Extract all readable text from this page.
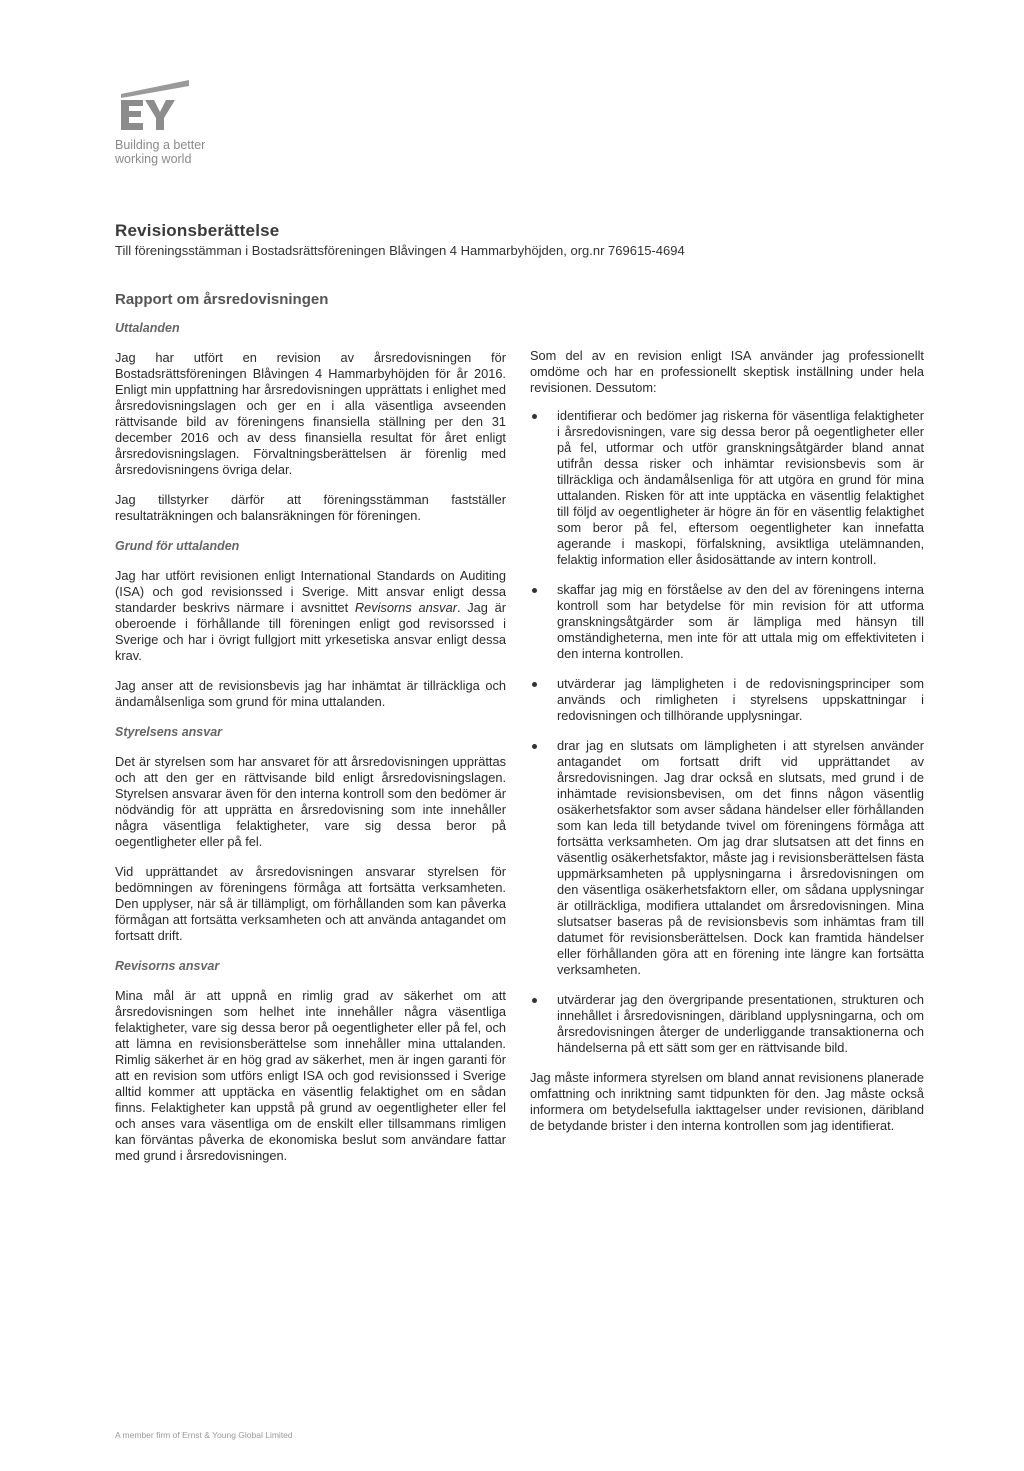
Building a better
working world
Revisionsberättelse

Till föreningsstämman i Bostadsrättsföreningen Blåvingen 4 Hammarbyhöjden, org.nr 769615-4694

Rapport om årsredovisningen
Uttalanden

Jag har utfört en revision av årsredovisningen för Bostadsrättsföreningen Blåvingen 4 Hammarbyhöjden för år 2016. Enligt min uppfattning har årsredovisningen upprättats i enlighet med årsredovisningslagen och ger en i alla väsentliga avseenden rättvisande bild av föreningens finansiella ställning per den 31 december 2016 och av dess finansiella resultat för året enligt årsredovisningslagen. Förvaltningsberättelsen är förenlig med årsredovisningens övriga delar.

Jag tillstyrker därför att föreningsstämman fastställer resultaträkningen och balansräkningen för föreningen.

Grund för uttalanden

Jag har utfört revisionen enligt International Standards on Auditing (ISA) och god revisionssed i Sverige. Mitt ansvar enligt dessa standarder beskrivs närmare i avsnittet Revisorns ansvar. Jag är oberoende i förhållande till föreningen enligt god revisorssed i Sverige och har i övrigt fullgjort mitt yrkesetiska ansvar enligt dessa krav.

Jag anser att de revisionsbevis jag har inhämtat är tillräckliga och ändamålsenliga som grund för mina uttalanden.

Styrelsens ansvar

Det är styrelsen som har ansvaret för att årsredovisningen upprättas och att den ger en rättvisande bild enligt årsredovisningslagen. Styrelsen ansvarar även för den interna kontroll som den bedömer är nödvändig för att upprätta en årsredovisning som inte innehåller några väsentliga felaktigheter, vare sig dessa beror på oegentligheter eller på fel.

Vid upprättandet av årsredovisningen ansvarar styrelsen för bedömningen av föreningens förmåga att fortsätta verksamheten. Den upplyser, när så är tillämpligt, om förhållanden som kan påverka förmågan att fortsätta verksamheten och att använda antagandet om fortsatt drift.

Revisorns ansvar

Mina mål är att uppnå en rimlig grad av säkerhet om att årsredovisningen som helhet inte innehåller några väsentliga felaktigheter, vare sig dessa beror på oegentligheter eller på fel, och att lämna en revisionsberättelse som innehåller mina uttalanden. Rimlig säkerhet är en hög grad av säkerhet, men är ingen garanti för att en revision som utförs enligt ISA och god revisionssed i Sverige alltid kommer att upptäcka en väsentlig felaktighet om en sådan finns. Felaktigheter kan uppstå på grund av oegentligheter eller fel och anses vara väsentliga om de enskilt eller tillsammans rimligen kan förväntas påverka de ekonomiska beslut som användare fattar med grund i årsredovisningen.

Som del av en revision enligt ISA använder jag professionellt omdöme och har en professionellt skeptisk inställning under hela revisionen. Dessutom:

identifierar och bedömer jag riskerna för väsentliga felaktigheter i årsredovisningen, vare sig dessa beror på oegentligheter eller på fel, utformar och utför granskningsåtgärder bland annat utifrån dessa risker och inhämtar revisionsbevis som är tillräckliga och ändamålsenliga för att utgöra en grund för mina uttalanden. Risken för att inte upptäcka en väsentlig felaktighet till följd av oegentligheter är högre än för en väsentlig felaktighet som beror på fel, eftersom oegentligheter kan innefatta agerande i maskopi, förfalskning, avsiktliga utelämnanden, felaktig information eller åsidosättande av intern kontroll.
skaffar jag mig en förståelse av den del av föreningens interna kontroll som har betydelse för min revision för att utforma granskningsåtgärder som är lämpliga med hänsyn till omständigheterna, men inte för att uttala mig om effektiviteten i den interna kontrollen.
utvärderar jag lämpligheten i de redovisningsprinciper som används och rimligheten i styrelsens uppskattningar i redovisningen och tillhörande upplysningar.
drar jag en slutsats om lämpligheten i att styrelsen använder antagandet om fortsatt drift vid upprättandet av årsredovisningen. Jag drar också en slutsats, med grund i de inhämtade revisionsbevisen, om det finns någon väsentlig osäkerhetsfaktor som avser sådana händelser eller förhållanden som kan leda till betydande tvivel om föreningens förmåga att fortsätta verksamheten. Om jag drar slutsatsen att det finns en väsentlig osäkerhetsfaktor, måste jag i revisionsberättelsen fästa uppmärksamheten på upplysningarna i årsredovisningen om den väsentliga osäkerhetsfaktorn eller, om sådana upplysningar är otillräckliga, modifiera uttalandet om årsredovisningen. Mina slutsatser baseras på de revisionsbevis som inhämtas fram till datumet för revisionsberättelsen. Dock kan framtida händelser eller förhållanden göra att en förening inte längre kan fortsätta verksamheten.
utvärderar jag den övergripande presentationen, strukturen och innehållet i årsredovisningen, däribland upplysningarna, och om årsredovisningen återger de underliggande transaktionerna och händelserna på ett sätt som ger en rättvisande bild.

Jag måste informera styrelsen om bland annat revisionens planerade omfattning och inriktning samt tidpunkten för den. Jag måste också informera om betydelsefulla iakttagelser under revisionen, däribland de betydande brister i den interna kontrollen som jag identifierat.

A member firm of Ernst & Young Global Limited
